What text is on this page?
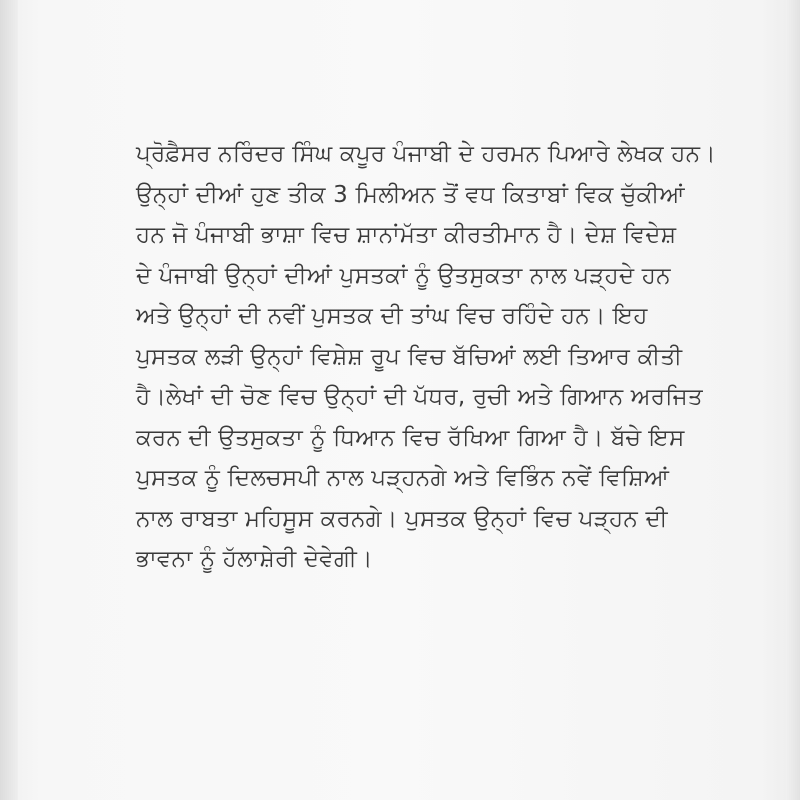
ਪ੍ਰੋਫ਼ੈਸਰ ਨਰਿੰਦਰ ਸਿੰਘ ਕਪੂਰ ਪੰਜਾਬੀ ਦੇ ਹਰਮਨ ਪਿਆਰੇ ਲੇਖਕ ਹਨ।
ਉਨ੍ਹਾਂ ਦੀਆਂ ਹੁਣ ਤੀਕ 3 ਮਿਲੀਅਨ ਤੋਂ ਵਧ ਕਿਤਾਬਾਂ ਵਿਕ ਚੁੱਕੀਆਂ
ਹਨ ਜੋ ਪੰਜਾਬੀ ਭਾਸ਼ਾ ਵਿਚ ਸ਼ਾਨਾਂਮੱਤਾ ਕੀਰਤੀਮਾਨ ਹੈ। ਦੇਸ਼ ਵਿਦੇਸ਼
ਦੇ ਪੰਜਾਬੀ ਉਨ੍ਹਾਂ ਦੀਆਂ ਪੁਸਤਕਾਂ ਨੂੰ ਉਤਸੁਕਤਾ ਨਾਲ ਪੜ੍ਹਦੇ ਹਨ
ਅਤੇ ਉਨ੍ਹਾਂ ਦੀ ਨਵੀਂ ਪੁਸਤਕ ਦੀ ਤਾਂਘ ਵਿਚ ਰਹਿੰਦੇ ਹਨ। ਇਹ
ਪੁਸਤਕ ਲੜੀ ਉਨ੍ਹਾਂ ਵਿਸ਼ੇਸ਼ ਰੂਪ ਵਿਚ ਬੱਚਿਆਂ ਲਈ ਤਿਆਰ ਕੀਤੀ
ਹੈ।ਲੇਖਾਂ ਦੀ ਚੋਣ ਵਿਚ ਉਨ੍ਹਾਂ ਦੀ ਪੱਧਰ, ਰੁਚੀ ਅਤੇ ਗਿਆਨ ਅਰਜਿਤ
ਕਰਨ ਦੀ ਉਤਸੁਕਤਾ ਨੂੰ ਧਿਆਨ ਵਿਚ ਰੱਖਿਆ ਗਿਆ ਹੈ। ਬੱਚੇ ਇਸ
ਪੁਸਤਕ ਨੂੰ ਦਿਲਚਸਪੀ ਨਾਲ ਪੜ੍ਹਨਗੇ ਅਤੇ ਵਿਭਿੰਨ ਨਵੇਂ ਵਿਸ਼ਿਆਂ
ਨਾਲ ਰਾਬਤਾ ਮਹਿਸੂਸ ਕਰਨਗੇ। ਪੁਸਤਕ ਉਨ੍ਹਾਂ ਵਿਚ ਪੜ੍ਹਨ ਦੀ
ਭਾਵਨਾ ਨੂੰ ਹੱਲਾਸ਼ੇਰੀ ਦੇਵੇਗੀ।
